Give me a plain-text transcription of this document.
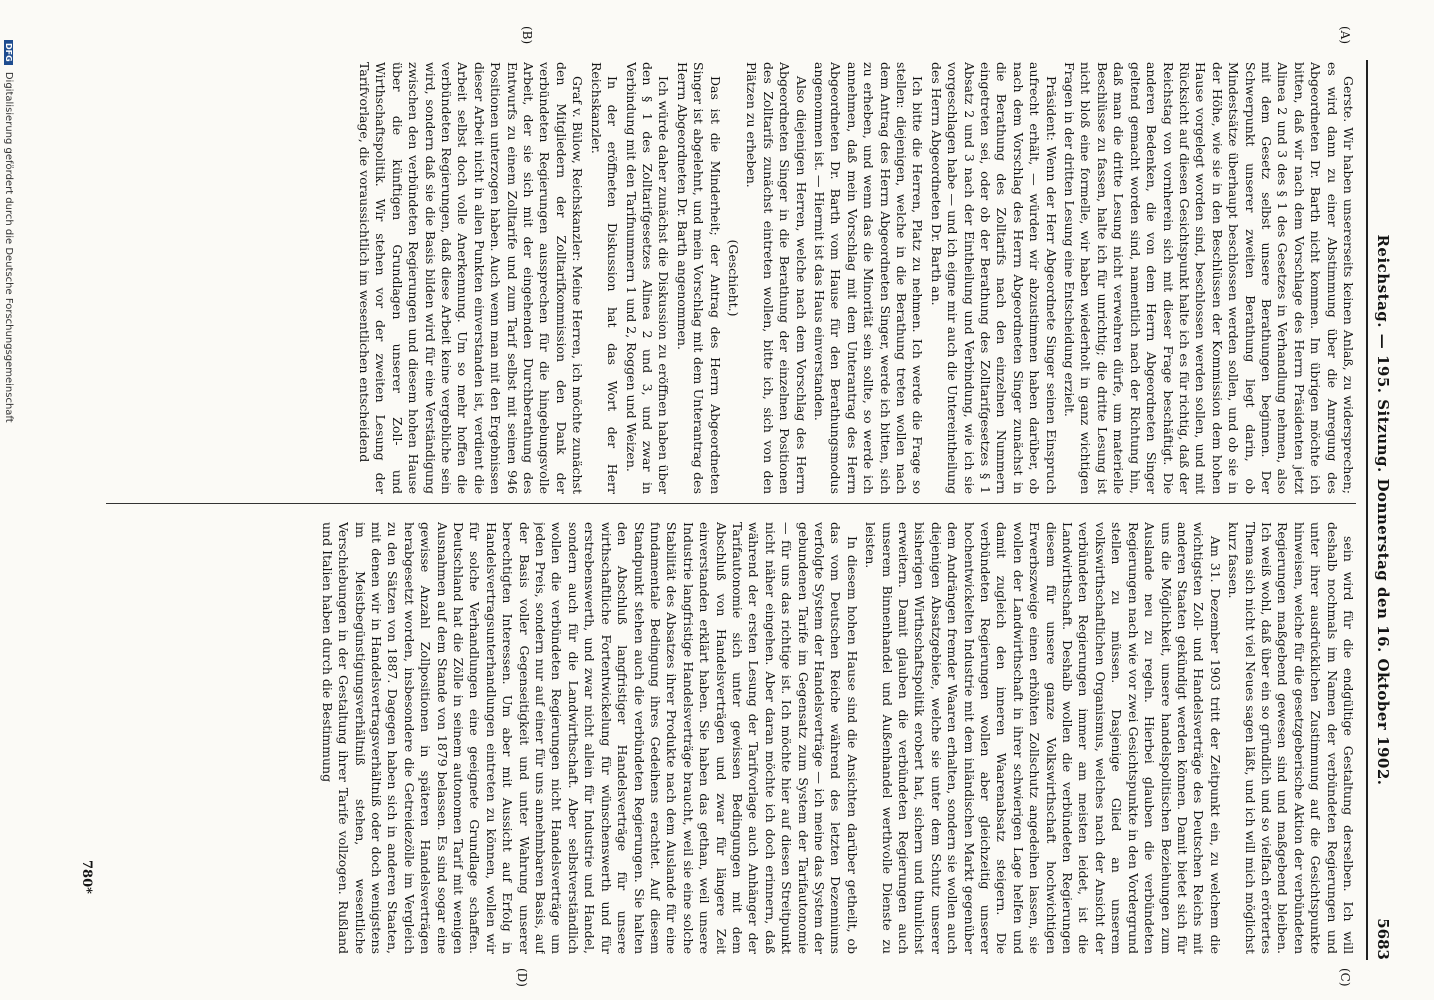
Reichstag. — 195. Sitzung. Donnerstag den 16. Oktober 1902.
5683
(A)
(B)
(C)
(D)

Gerste. Wir haben unsererseits keinen Anlaß, zu widersprechen; es wird dann zu einer Abstimmung über die Anregung des Abgeordneten Dr. Barth nicht kommen. Im übrigen möchte ich bitten, daß wir nach dem Vorschlage des Herrn Präsidenten jetzt Alinea 2 und 3 des § 1 des Gesetzes in Verhandlung nehmen, also mit dem Gesetz selbst unsere Berathungen beginnen. Der Schwerpunkt unserer zweiten Berathung liegt darin, ob Mindestsätze überhaupt beschlossen werden sollen, und ob sie in der Höhe, wie sie in den Beschlüssen der Kommission dem hohen Hause vorgelegt worden sind, beschlossen werden sollen, und mit Rücksicht auf diesen Gesichtspunkt halte ich es für richtig, daß der Reichstag von vornherein sich mit dieser Frage beschäftigt. Die anderen Bedenken, die von dem Herrn Abgeordneten Singer geltend gemacht worden sind, namentlich nach der Richtung hin, daß man die dritte Lesung nicht verwehren dürfe, um materielle Beschlüsse zu fassen, halte ich für unrichtig; die dritte Lesung ist nicht bloß eine formelle, wir haben wiederholt in ganz wichtigen Fragen in der dritten Lesung eine Entscheidung erzielt.

Präsident: Wenn der Herr Abgeordnete Singer seinen Einspruch aufrecht erhält, — würden wir abzustimmen haben darüber, ob nach dem Vorschlag des Herrn Abgeordneten Singer zunächst in die Berathung des Zolltarifs nach den einzelnen Nummern eingetreten sei, oder ob der Berathung des Zolltarifgesetzes § 1 Absatz 2 und 3 nach der Eintheilung und Verbindung, wie ich sie vorgeschlagen habe — und ich eigne mir auch die Untereintheilung des Herrn Abgeordneten Dr. Barth an.

Ich bitte die Herren, Platz zu nehmen. Ich werde die Frage so stellen: diejenigen, welche in die Berathung treten wollen nach dem Antrag des Herrn Abgeordneten Singer, werde ich bitten, sich zu erheben, und wenn das die Minorität sein sollte, so werde ich annehmen, daß mein Vorschlag mit dem Unterantrag des Herrn Abgeordneten Dr. Barth vom Hause für den Berathungsmodus angenommen ist. — Hiermit ist das Haus einverstanden.

Also diejenigen Herren, welche nach dem Vorschlag des Herrn Abgeordneten Singer in die Berathung der einzelnen Positionen des Zolltarifs zunächst eintreten wollen, bitte ich, sich von den Plätzen zu erheben.

(Geschieht.)

Das ist die Minderheit; der Antrag des Herrn Abgeordneten Singer ist abgelehnt, und mein Vorschlag mit dem Unterantrag des Herrn Abgeordneten Dr. Barth angenommen.

Ich würde daher zunächst die Diskussion zu eröffnen haben über den § 1 des Zolltarifgesetzes Alinea 2 und 3, und zwar in Verbindung mit den Tarifnummern 1 und 2, Roggen und Weizen.

In der eröffneten Diskussion hat das Wort der Herr Reichskanzler.

Graf v. Bülow, Reichskanzler: Meine Herren, ich möchte zunächst den Mitgliedern der Zolltarifkommission den Dank der verbündeten Regierungen aussprechen für die hingebungsvolle Arbeit, der sie sich mit der eingehenden Durchberathung des Entwurfs zu einem Zolltarife und zum Tarif selbst mit seinen 946 Positionen unterzogen haben. Auch wenn man mit den Ergebnissen dieser Arbeit nicht in allen Punkten einverstanden ist, verdient die Arbeit selbst doch volle Anerkennung. Um so mehr hoffen die verbündeten Regierungen, daß diese Arbeit keine vergebliche sein wird, sondern daß sie die Basis bilden wird für eine Verständigung zwischen den verbündeten Regierungen und diesem hohen Hause über die künftigen Grundlagen unserer Zoll- und Wirthschaftspolitik. Wir stehen vor der zweiten Lesung der Tarifvorlage, die voraussichtlich im wesentlichen entscheidend

sein wird für die endgültige Gestaltung derselben. Ich will deshalb nochmals im Namen der verbündeten Regierungen und unter ihrer ausdrücklichen Zustimmung auf die Gesichtspunkte hinweisen, welche für die gesetzgeberische Aktion der verbündeten Regierungen maßgebend gewesen sind und maßgebend bleiben. Ich weiß wohl, daß über ein so gründlich und so vielfach erörtertes Thema sich nicht viel Neues sagen läßt, und ich will mich möglichst kurz fassen.

Am 31. Dezember 1903 tritt der Zeitpunkt ein, zu welchem die wichtigsten Zoll- und Handelsverträge des Deutschen Reichs mit anderen Staaten gekündigt werden können. Damit bietet sich für uns die Möglichkeit, unsere handelspolitischen Beziehungen zum Auslande neu zu regeln. Hierbei glauben die verbündeten Regierungen nach wie vor zwei Gesichtspunkte in den Vordergrund stellen zu müssen. Dasjenige Glied an unserem volkswirthschaftlichen Organismus, welches nach der Ansicht der verbündeten Regierungen immer am meisten leidet, ist die Landwirthschaft. Deshalb wollen die verbündeten Regierungen diesem für unsere ganze Volkswirthschaft hochwichtigen Erwerbszweige einen erhöhten Zollschutz angedeihen lassen, sie wollen der Landwirthschaft in ihrer schwierigen Lage helfen und damit zugleich den inneren Waarenabsatz steigern. Die verbündeten Regierungen wollen aber gleichzeitig unserer hochentwickelten Industrie mit dem inländischen Markt gegenüber dem Andrängen fremder Waaren erhalten, sondern sie wollen auch diejenigen Absatzgebiete, welche sie unter dem Schutz unserer bisherigen Wirthschaftspolitik erobert hat, sichern und thunlichst erweitern. Damit glauben die verbündeten Regierungen auch unserem Binnenhandel und Außenhandel werthvolle Dienste zu leisten.

In diesem hohen Hause sind die Ansichten darüber getheilt, ob das vom Deutschen Reiche während des letzten Dezenniums verfolgte System der Handelsverträge — ich meine das System der gebundenen Tarife im Gegensatz zum System der Tarifautonomie — für uns das richtige ist. Ich möchte hier auf diesen Streitpunkt nicht näher eingehen. Aber daran möchte ich doch erinnern, daß während der ersten Lesung der Tarifvorlage auch Anhänger der Tarifautonomie sich unter gewissen Bedingungen mit dem Abschluß von Handelsverträgen und zwar für längere Zeit einverstanden erklärt haben. Sie haben das gethan, weil unsere Industrie langfristige Handelsverträge braucht, weil sie eine solche Stabilität des Absatzes ihrer Produkte nach dem Auslande für eine fundamentale Bedingung ihres Gedeihens erachtet. Auf diesem Standpunkt stehen auch die verbündeten Regierungen. Sie halten den Abschluß langfristiger Handelsverträge für unsere wirthschaftliche Fortentwickelung für wünschenswerth und für erstrebenswerth, und zwar nicht allein für Industrie und Handel, sondern auch für die Landwirthschaft. Aber selbstverständlich wollen die verbündeten Regierungen nicht Handelsverträge um jeden Preis, sondern nur auf einer für uns annehmbaren Basis, auf der Basis voller Gegenseitigkeit und unter Wahrung unserer berechtigten Interessen. Um aber mit Aussicht auf Erfolg in Handelsvertragsunterhandlungen eintreten zu können, wollen wir für solche Verhandlungen eine geeignete Grundlage schaffen. Deutschland hat die Zölle in seinem autonomen Tarif mit wenigen Ausnahmen auf dem Stande von 1879 belassen. Es sind sogar eine gewisse Anzahl Zollpositionen in späteren Handelsverträgen herabgesetzt worden, insbesondere die Getreidezölle im Vergleich zu den Sätzen von 1887. Dagegen haben sich in anderen Staaten, mit denen wir in Handelsvertragsverhältniß oder doch wenigstens im Meistbegünstigungsverhältniß stehen, wesentliche Verschiebungen in der Gestaltung ihrer Tarife vollzogen. Rußland und Italien haben durch die Bestimmung

780*
DFG Digitalisierung gefördert durch die Deutsche Forschungsgemeinschaft
